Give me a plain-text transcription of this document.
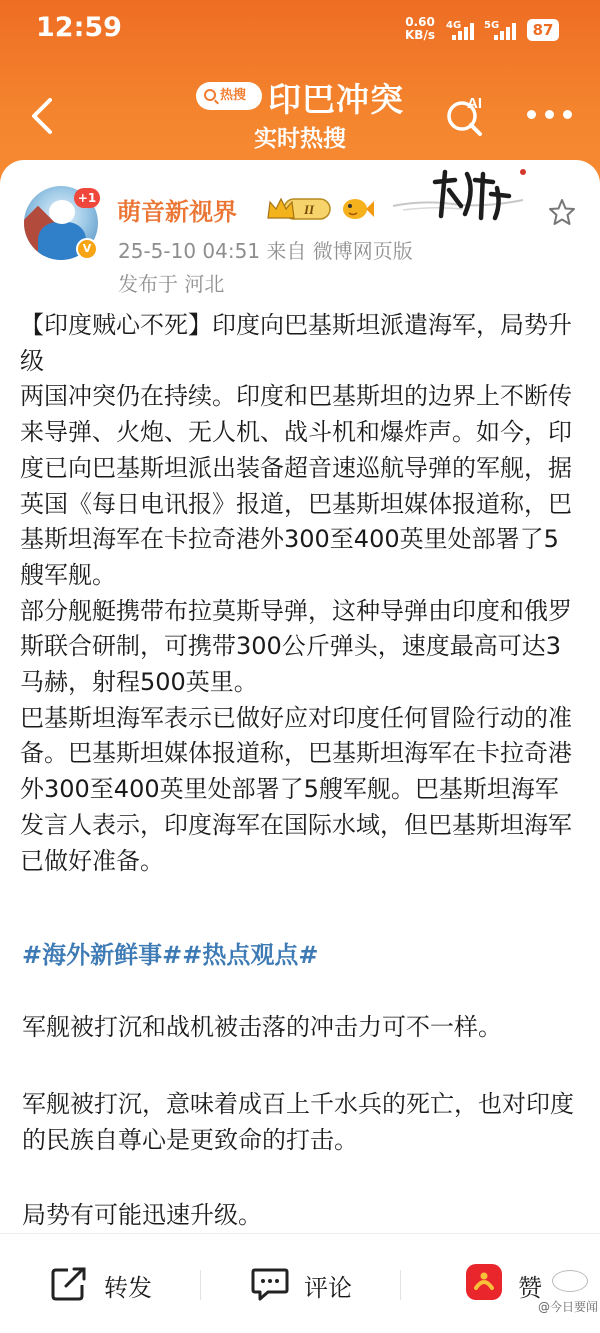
12:59	0.60
KB/s
4G 5G	87
热搜 印巴冲突
实时热搜
AI
+1
V
萌音新视界	II
25-5-10 04:51 来自 微博网页版
发布于 河北

【印度贼心不死】印度向巴基斯坦派遣海军，局势升级

两国冲突仍在持续。印度和巴基斯坦的边界上不断传来导弹、火炮、无人机、战斗机和爆炸声。如今，印度已向巴基斯坦派出装备超音速巡航导弹的军舰，据英国《每日电讯报》报道，巴基斯坦媒体报道称，巴基斯坦海军在卡拉奇港外300至400英里处部署了5艘军舰。

部分舰艇携带布拉莫斯导弹，这种导弹由印度和俄罗斯联合研制，可携带300公斤弹头，速度最高可达3马赫，射程500英里。

巴基斯坦海军表示已做好应对印度任何冒险行动的准备。巴基斯坦媒体报道称，巴基斯坦海军在卡拉奇港外300至400英里处部署了5艘军舰。巴基斯坦海军发言人表示，印度海军在国际水域，但巴基斯坦海军已做好准备。

#海外新鲜事##热点观点#
军舰被打沉和战机被击落的冲击力可不一样。
军舰被打沉，意味着成百上千水兵的死亡，也对印度的民族自尊心是更致命的打击。
局势有可能迅速升级。
转发	评论	赞
@今日要闻
